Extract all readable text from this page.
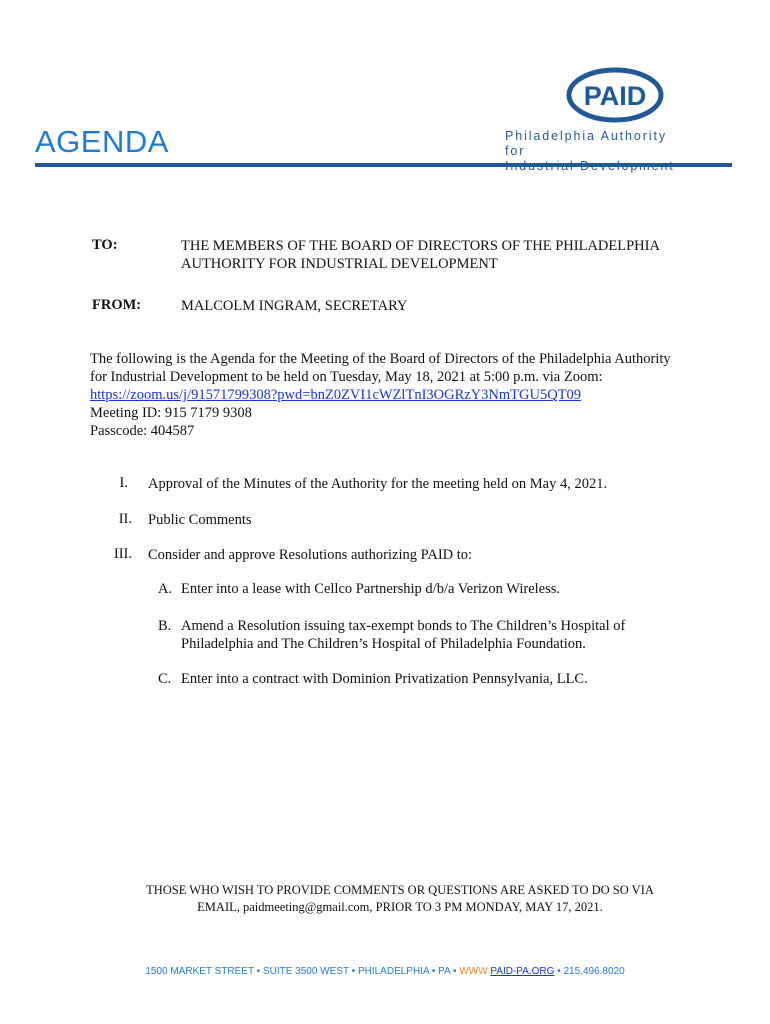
AGENDA
PAID
Philadelphia Authority for
TO:	THE MEMBERS OF THE BOARD OF DIRECTORS OF THE PHILADELPHIA
AUTHORITY FOR INDUSTRIAL DEVELOPMENT
FROM:	MALCOLM INGRAM, SECRETARY
The following is the Agenda for the Meeting of the Board of Directors of the Philadelphia Authority
for Industrial Development to be held on Tuesday, May 18, 2021 at 5:00 p.m. via Zoom:
https://zoom.us/j/91571799308?pwd=bnZ0ZVI1cWZlTnI3OGRzY3NmTGU5QT09
Meeting ID: 915 7179 9308
Passcode: 404587
I. Approval of the Minutes of the Authority for the meeting held on May 4, 2021.
II. Public Comments
III. Consider and approve Resolutions authorizing PAID to:
A. Enter into a lease with Cellco Partnership d/b/a Verizon Wireless.
B. Amend a Resolution issuing tax-exempt bonds to The Children’s Hospital of
Philadelphia and The Children’s Hospital of Philadelphia Foundation.
C. Enter into a contract with Dominion Privatization Pennsylvania, LLC.
THOSE WHO WISH TO PROVIDE COMMENTS OR QUESTIONS ARE ASKED TO DO SO VIA
EMAIL, paidmeeting@gmail.com, PRIOR TO 3 PM MONDAY, MAY 17, 2021.
1500 MARKET STREET • SUITE 3500 WEST • PHILADELPHIA • PA • WWW PAID-PA.ORG • 215.496.8020
